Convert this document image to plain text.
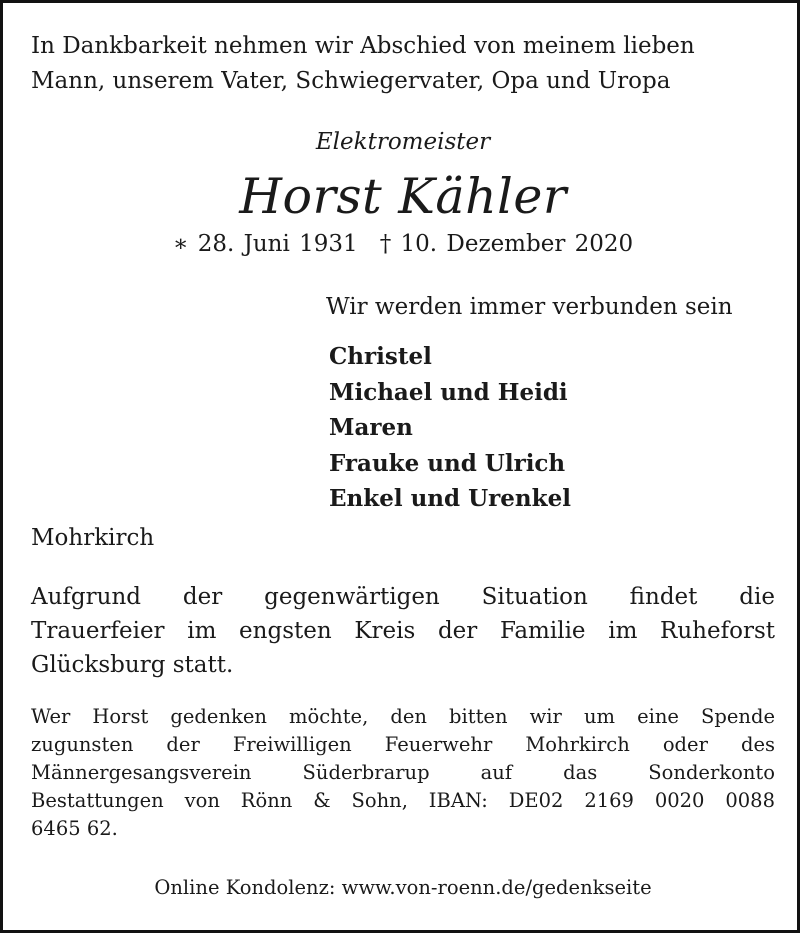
In Dankbarkeit nehmen wir Abschied von meinem lieben
Mann, unserem Vater, Schwiegervater, Opa und Uropa
Elektromeister
Horst Kähler
∗ 28. Juni 1931 † 10. Dezember 2020
Wir werden immer verbunden sein
Christel
Michael und Heidi
Maren
Frauke und Ulrich
Enkel und Urenkel
Mohrkirch
Aufgrund der gegenwärtigen Situation findet die
Trauerfeier im engsten Kreis der Familie im Ruheforst
Glücksburg statt.
Wer Horst gedenken möchte, den bitten wir um eine Spende
zugunsten der Freiwilligen Feuerwehr Mohrkirch oder des
Männergesangsverein Süderbrarup auf das Sonderkonto
Bestattungen von Rönn & Sohn, IBAN: DE02 2169 0020 0088
6465 62.
Online Kondolenz: www.von-roenn.de/gedenkseite
